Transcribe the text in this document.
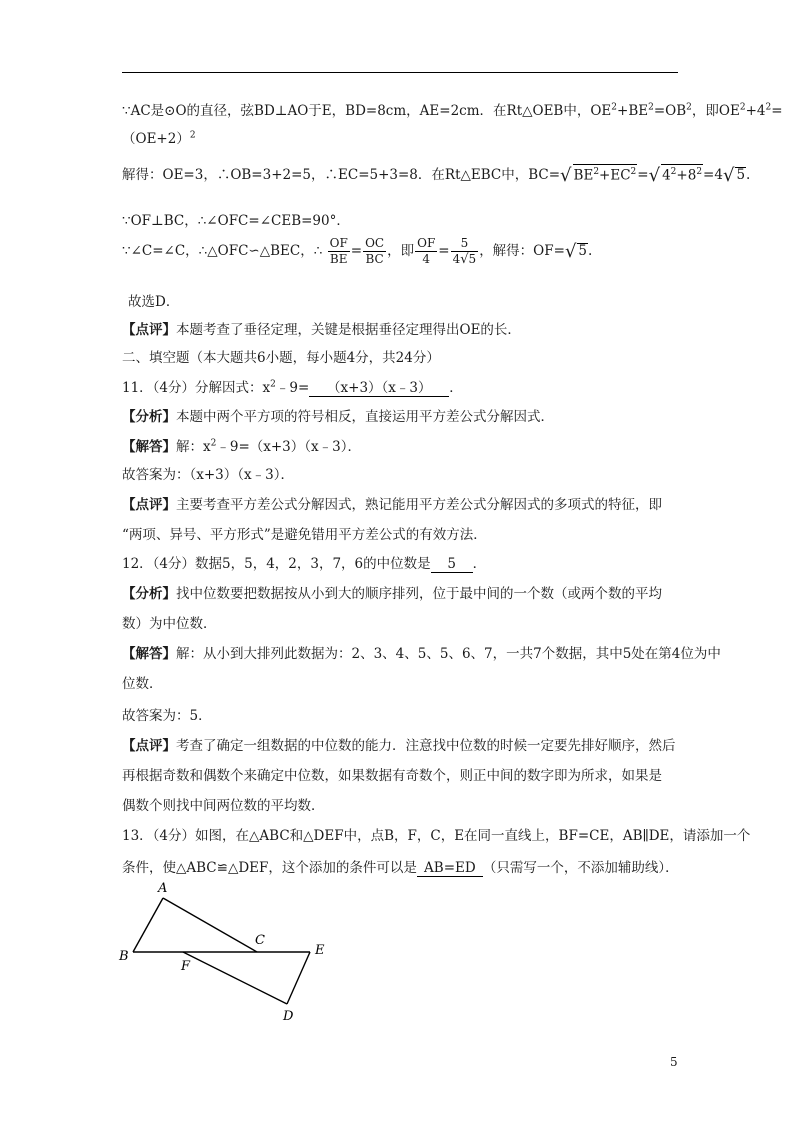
∵AC是⊙O的直径，弦BD⊥AO于E，BD=8cm，AE=2cm．在Rt△OEB中，$OE^2+BE^2=OB^2$，即$OE^2+4^2=$
$(OE+2)^2$
解得：OE=3，∴OB=3+2=5，∴EC=5+3=8．在Rt△EBC中，BC=√ $BE^2+EC^2=√$ $4^2+8^2=4√$ 5.
∵OF⊥BC，∴∠OFC=∠CEB=90°．
∵∠C=∠C，∴△OFC∽△BEC，∴ $\frac{OF}{BE} = \frac{OC}{BC}$ ，即 $\frac{OF}{4} = \frac{5}{4√5}$ ，解得：OF=√ 5.
故选D．
【点评】本题考查了垂径定理，关键是根据垂径定理得出OE的长．
二、填空题（本大题共6小题，每小题4分，共24分）
11．（4分）分解因式：$x^2﹣9=$ （x+3）（x﹣3） ．
【分析】本题中两个平方项的符号相反，直接运用平方差公式分解因式．
【解答】解：$x^2﹣9=(x+3)(x﹣3)$．
故答案为：（x+3）（x﹣3）．
【点评】主要考查平方差公式分解因式，熟记能用平方差公式分解因式的多项式的特征，即
“两项、异号、平方形式”是避免错用平方差公式的有效方法．
12．（4分）数据5，5，4，2，3，7，6的中位数是 5 ．
【分析】找中位数要把数据按从小到大的顺序排列，位于最中间的一个数（或两个数的平均
数）为中位数．
【解答】解：从小到大排列此数据为：2、3、4、5、5、6、7，一共7个数据，其中5处在第4位为中
位数．
故答案为：5．
【点评】考查了确定一组数据的中位数的能力．注意找中位数的时候一定要先排好顺序，然后
再根据奇数和偶数个来确定中位数，如果数据有奇数个，则正中间的数字即为所求，如果是
偶数个则找中间两位数的平均数．
13．（4分）如图，在△ABC和△DEF中，点B，F，C，E在同一直线上，BF=CE，AB∥DE，请添加一个
条件，使△ABC≌△DEF，这个添加的条件可以是 AB=ED （只需写一个，不添加辅助线）．
A
B
C
E
F
D
5
